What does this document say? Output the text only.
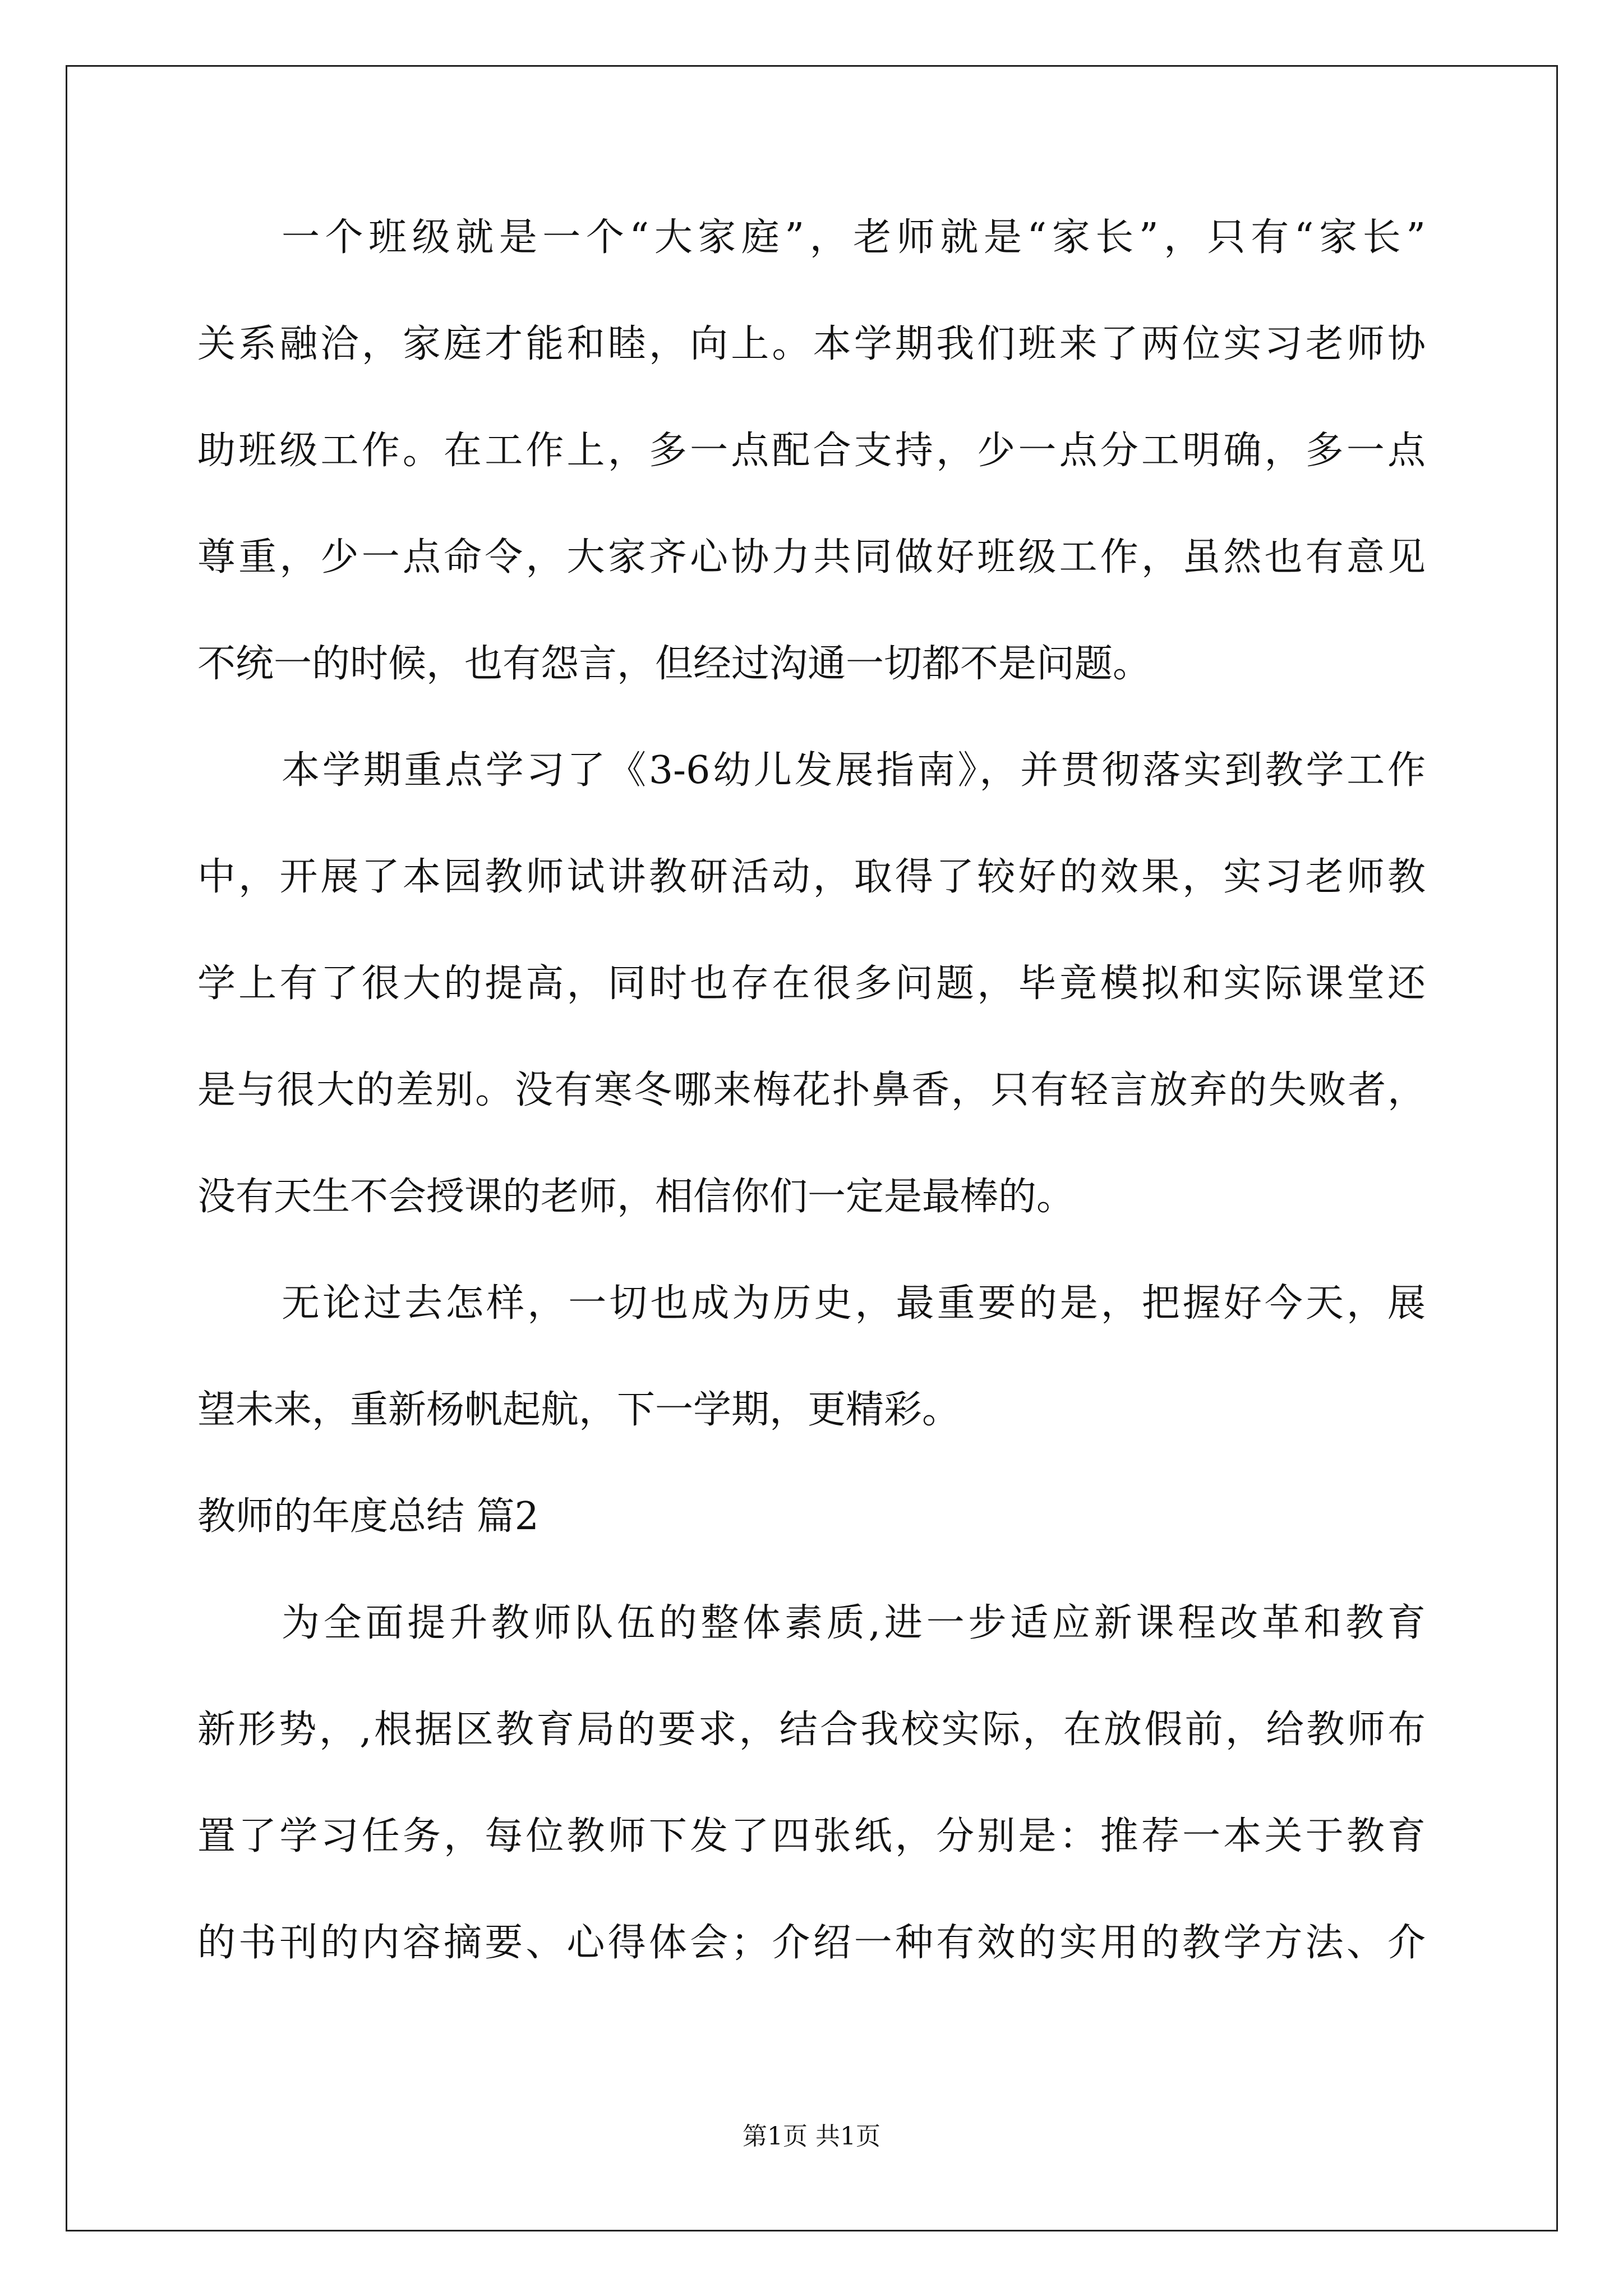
一个班级就是一个“大家庭”，老师就是“家长”，只有“家长”
关系融洽，家庭才能和睦，向上。本学期我们班来了两位实习老师协
助班级工作。在工作上，多一点配合支持，少一点分工明确，多一点
尊重，少一点命令，大家齐心协力共同做好班级工作，虽然也有意见
不统一的时候，也有怨言，但经过沟通一切都不是问题。
本学期重点学习了《3-6幼儿发展指南》，并贯彻落实到教学工作
中，开展了本园教师试讲教研活动，取得了较好的效果，实习老师教
学上有了很大的提高，同时也存在很多问题，毕竟模拟和实际课堂还
是与很大的差别。没有寒冬哪来梅花扑鼻香，只有轻言放弃的失败者，
没有天生不会授课的老师，相信你们一定是最棒的。
无论过去怎样，一切也成为历史，最重要的是，把握好今天，展
望未来，重新杨帆起航，下一学期，更精彩。
教师的年度总结 篇2
为全面提升教师队伍的整体素质,进一步适应新课程改革和教育
新形势，,根据区教育局的要求，结合我校实际，在放假前，给教师布
置了学习任务，每位教师下发了四张纸，分别是：推荐一本关于教育
的书刊的内容摘要、心得体会；介绍一种有效的实用的教学方法、介
第1页 共1页
